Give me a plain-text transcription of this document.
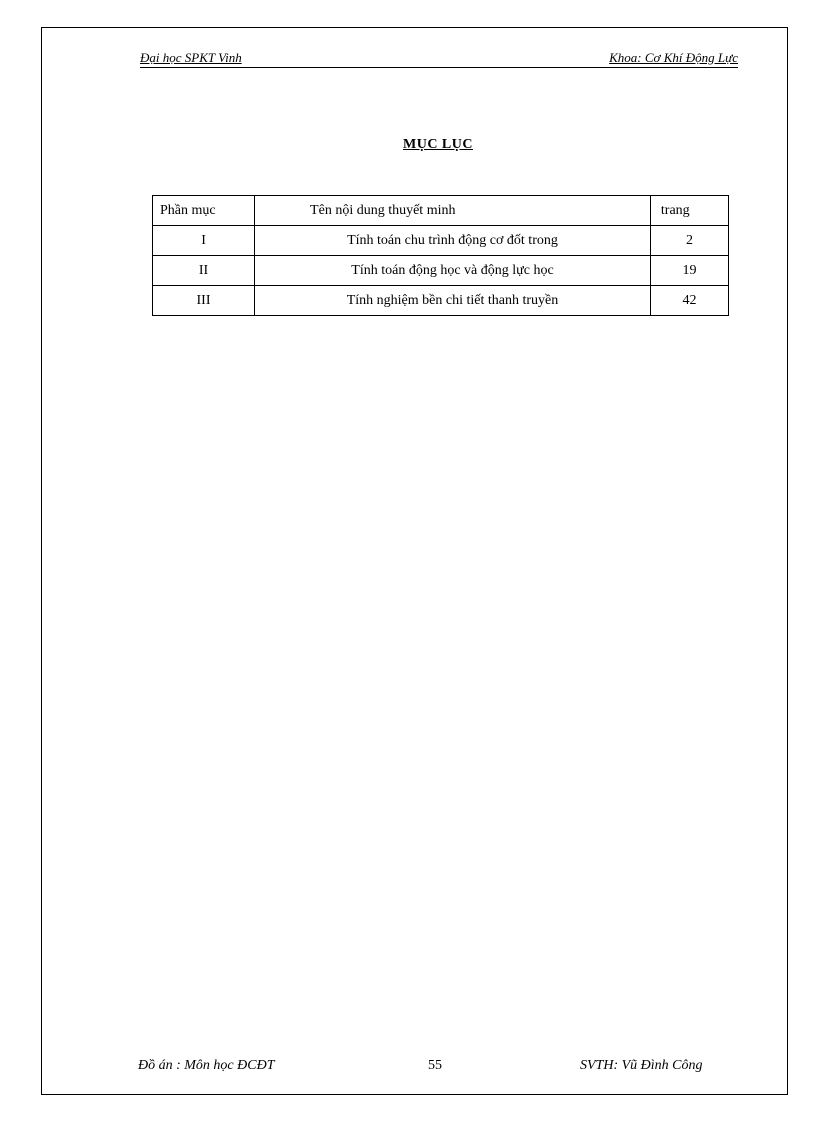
Đại học SPKT Vinh	Khoa: Cơ Khí Động Lực
MỤC LỤC
Phần mục	Tên nội dung thuyết minh	trang
I	Tính toán chu trình động cơ đốt trong	2
II	Tính toán động học và động lực học	19
III	Tính nghiệm bền chi tiết thanh truyền	42
Đồ án : Môn học ĐCĐT	55	SVTH: Vũ Đình Công
